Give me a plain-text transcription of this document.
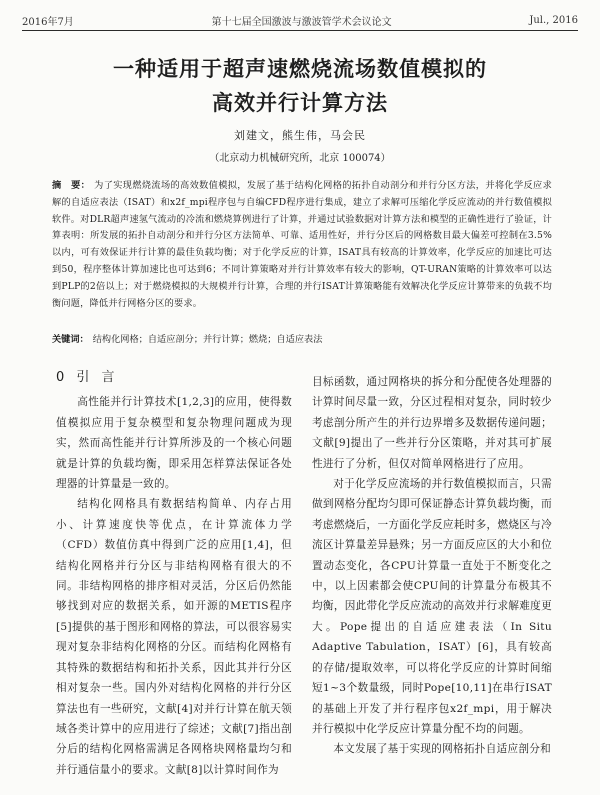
2016年7月	第十七届全国激波与激波管学术会议论文	Jul., 2016
一种适用于超声速燃烧流场数值模拟的
高效并行计算方法
刘建文，熊生伟，马会民
（北京动力机械研究所，北京 100074）
摘　要： 为了实现燃烧流场的高效数值模拟，发展了基于结构化网格的拓扑自动剖分和并行分区方法，并将化学反应求解的自适应表法（ISAT）和x2f_mpi程序包与自编CFD程序进行集成，建立了求解可压缩化学反应流动的并行数值模拟软件。对DLR超声速氢气流动的冷流和燃烧算例进行了计算，并通过试验数据对计算方法和模型的正确性进行了验证，计算表明：所发展的拓扑自动剖分和并行分区方法简单、可靠、适用性好，并行分区后的网格数目最大偏差可控制在3.5%以内，可有效保证并行计算的最佳负载均衡；对于化学反应的计算，ISAT具有较高的计算效率，化学反应的加速比可达到50，程序整体计算加速比也可达到6；不同计算策略对并行计算效率有较大的影响，QT-URAN策略的计算效率可以达到PLP的2倍以上；对于燃烧模拟的大规模并行计算，合理的并行ISAT计算策略能有效解决化学反应计算带来的负载不均衡问题，降低并行网格分区的要求。
关键词： 结构化网格；自适应剖分；并行计算；燃烧；自适应表法
0 引 言

高性能并行计算技术[1,2,3]的应用，使得数值模拟应用于复杂模型和复杂物理问题成为现实，然而高性能并行计算所涉及的一个核心问题就是计算的负载均衡，即采用怎样算法保证各处理器的计算量是一致的。

结构化网格具有数据结构简单、内存占用小、计算速度快等优点，在计算流体力学（CFD）数值仿真中得到广泛的应用[1,4]，但结构化网格并行分区与非结构网格有很大的不同。非结构网格的排序相对灵活，分区后仍然能够找到对应的数据关系，如开源的METIS程序[5]提供的基于图形和网格的算法，可以很容易实现对复杂非结构化网格的分区。而结构化网格有其特殊的数据结构和拓扑关系，因此其并行分区相对复杂一些。国内外对结构化网格的并行分区算法也有一些研究，文献[4]对并行计算在航天领域各类计算中的应用进行了综述；文献[7]指出剖分后的结构化网格需满足各网格块网格量均匀和并行通信量小的要求。文献[8]以计算时间作为

目标函数，通过网格块的拆分和分配使各处理器的计算时间尽量一致，分区过程相对复杂，同时较少考虑剖分所产生的并行边界增多及数据传递问题；文献[9]提出了一些并行分区策略，并对其可扩展性进行了分析，但仅对简单网格进行了应用。

对于化学反应流场的并行数值模拟而言，只需做到网格分配均匀即可保证静态计算负载均衡，而考虑燃烧后，一方面化学反应耗时多，燃烧区与冷流区计算量差异悬殊；另一方面反应区的大小和位置动态变化，各CPU计算量一直处于不断变化之中，以上因素都会使CPU间的计算量分布极其不均衡，因此带化学反应流动的高效并行求解难度更大。Pope提出的自适应建表法（In Situ Adaptive Tabulation，ISAT）[6]，具有较高的存储/提取效率，可以将化学反应的计算时间缩短1~3个数量级，同时Pope[10,11]在串行ISAT的基础上开发了并行程序包x2f_mpi，用于解决并行模拟中化学反应计算量分配不均的问题。

本文发展了基于实现的网格拓扑自适应剖分和
